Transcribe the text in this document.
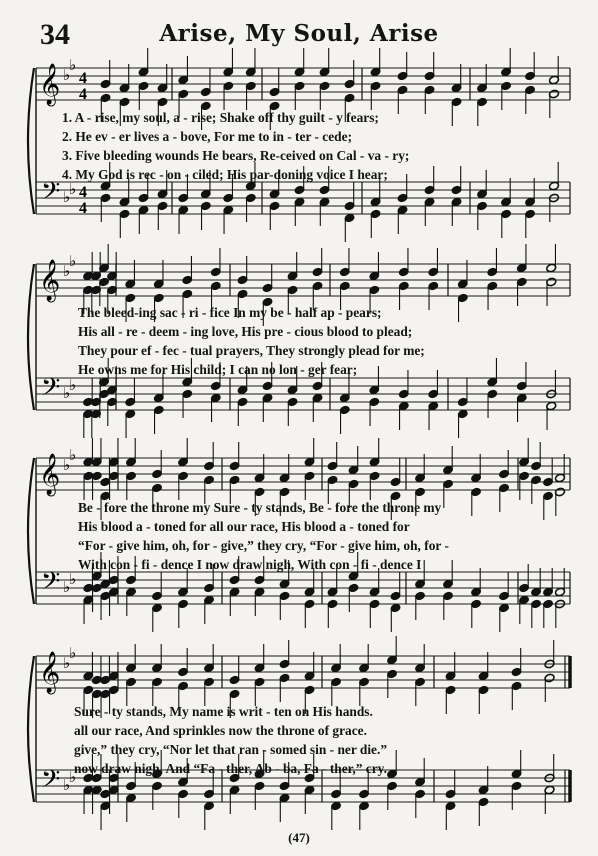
34	Arise, My Soul, Arise
𝄞
𝄢
♭
♭
♭
♭
4
4
4
4
1. A - rise, my soul, a - rise; Shake off thy guilt - y fears;
2. He ev - er lives a - bove, For me to in - ter - cede;
3. Five bleeding wounds He bears, Re-ceived on Cal - va - ry;
4. My God is rec - on - ciled; His par-doning voice I hear;
𝄞
𝄢
♭
♭
♭
♭
The bleed-ing sac - ri - fice In my be - half ap - pears;
His all - re - deem - ing love, His pre - cious blood to plead;
They pour ef - fec - tual prayers, They strongly plead for me;
He owns me for His child; I can no lon - ger fear;
𝄞
𝄢
♭
♭
♭
♭
Be - fore the throne my Sure - ty stands, Be - fore the throne my
His blood a - toned for all our race, His blood a - toned for
“For - give him, oh, for - give,” they cry, “For - give him, oh, for -
With con - fi - dence I now draw nigh, With con - fi - dence I
𝄞
𝄢
♭
♭
♭
♭
Sure - ty stands, My name is writ - ten on His hands.
all our race, And sprinkles now the throne of grace.
give,” they cry, “Nor let that ran - somed sin - ner die.”
now draw nigh, And “Fa - ther, Ab - ba, Fa - ther,” cry.
(47)
